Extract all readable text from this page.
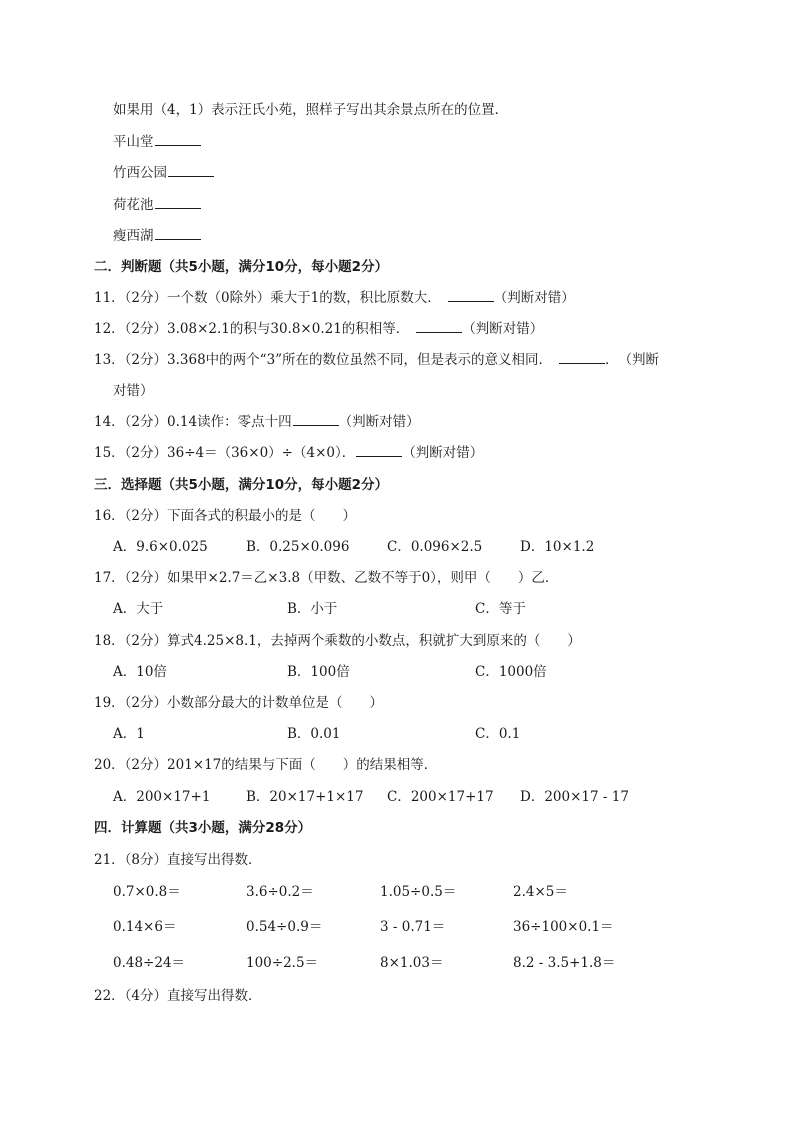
如果用（4，1）表示汪氏小苑，照样子写出其余景点所在的位置．
平山堂
竹西公园
荷花池
瘦西湖
二．判断题（共5小题，满分10分，每小题2分）
11．（2分）一个数（0除外）乘大于1的数，积比原数大．	（判断对错）
12．（2分）3.08×2.1的积与30.8×0.21的积相等．	（判断对错）
13．（2分）3.368中的两个“3”所在的数位虽然不同，但是表示的意义相同．	．　（判断
对错）
14．（2分）0.14读作：零点十四	（判断对错）
15．（2分）36÷4＝（36×0）÷（4×0）．	（判断对错）
三．选择题（共5小题，满分10分，每小题2分）
16．（2分）下面各式的积最小的是（　　）
A．9.6×0.025	B．0.25×0.096	C．0.096×2.5	D．10×1.2
17．（2分）如果甲×2.7＝乙×3.8（甲数、乙数不等于0），则甲（　　）乙．
A．大于	B．小于	C．等于
18．（2分）算式4.25×8.1，去掉两个乘数的小数点，积就扩大到原来的（　　）
A．10倍	B．100倍	C．1000倍
19．（2分）小数部分最大的计数单位是（　　）
A．1	B．0.01	C．0.1
20．（2分）201×17的结果与下面（　　）的结果相等．
A．200×17+1	B．20×17+1×17 C．200×17+17 D．200×17 - 17
四．计算题（共3小题，满分28分）
21．（8分）直接写出得数．
0.7×0.8＝	3.6÷0.2＝	1.05÷0.5＝	2.4×5＝
0.14×6＝	0.54÷0.9＝	3 - 0.71＝	36÷100×0.1＝
0.48÷24＝	100÷2.5＝	8×1.03＝	8.2 - 3.5+1.8＝
22．（4分）直接写出得数．
